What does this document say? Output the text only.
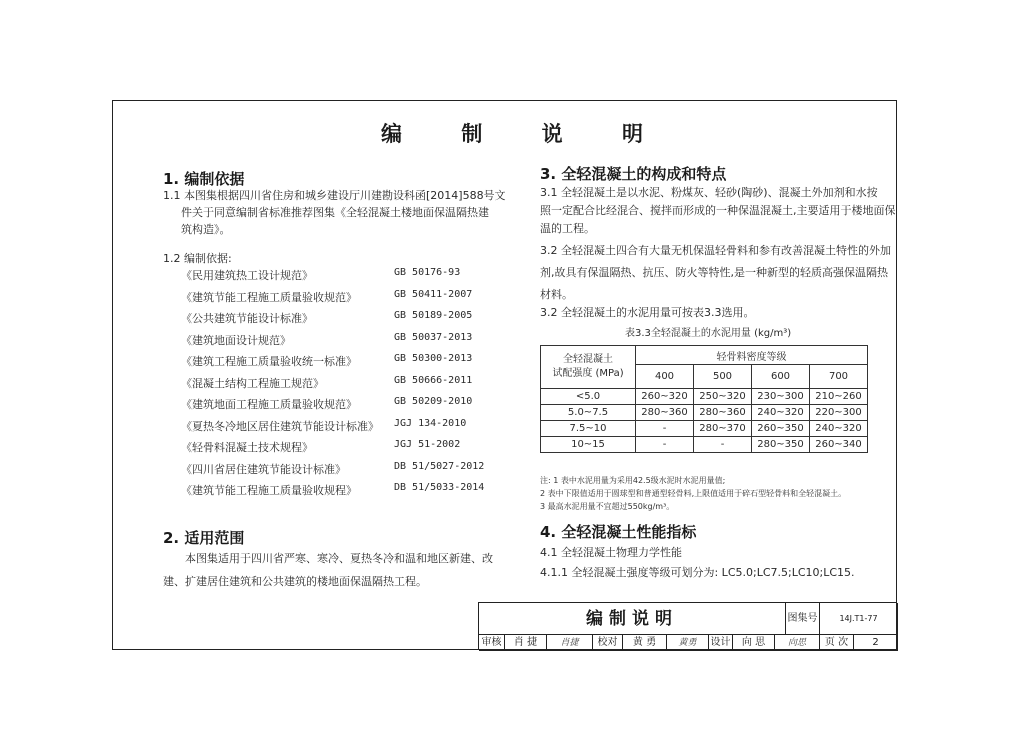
编 制 说 明
1. 编制依据
1.1 本图集根据四川省住房和城乡建设厅川建勘设科函[2014]588号文
件关于同意编制省标准推荐图集《全轻混凝土楼地面保温隔热建
筑构造》。
1.2 编制依据:
《民用建筑热工设计规范》	GB 50176-93
《建筑节能工程施工质量验收规范》	GB 50411-2007
《公共建筑节能设计标准》	GB 50189-2005
《建筑地面设计规范》	GB 50037-2013
《建筑工程施工质量验收统一标准》	GB 50300-2013
《混凝土结构工程施工规范》	GB 50666-2011
《建筑地面工程施工质量验收规范》	GB 50209-2010
《夏热冬冷地区居住建筑节能设计标准》 JGJ 134-2010
《轻骨料混凝土技术规程》	JGJ 51-2002
《四川省居住建筑节能设计标准》	DB 51/5027-2012
《建筑节能工程施工质量验收规程》	DB 51/5033-2014
2. 适用范围
本图集适用于四川省严寒、寒冷、夏热冬冷和温和地区新建、改
建、扩建居住建筑和公共建筑的楼地面保温隔热工程。
3. 全轻混凝土的构成和特点
3.1 全轻混凝土是以水泥、粉煤灰、轻砂(陶砂)、混凝土外加剂和水按
照一定配合比经混合、搅拌而形成的一种保温混凝土,主要适用于楼地面保
温的工程。
3.2 全轻混凝土四合有大量无机保温轻骨料和参有改善混凝土特性的外加
剂,故具有保温隔热、抗压、防火等特性,是一种新型的轻质高强保温隔热
材料。
3.2 全轻混凝土的水泥用量可按表3.3选用。
表3.3全轻混凝土的水泥用量 (kg/m³)
全轻混凝土
试配强度 (MPa)	轻骨料密度等级			
	400	500	600	700
<5.0	260~320	250~320	230~300	210~260
5.0~7.5	280~360	280~360	240~320	220~300
7.5~10	-	280~370	260~350	240~320
10~15	-	-	280~350	260~340
注: 1 表中水泥用量为采用42.5级水泥时水泥用量值;
2 表中下限值适用于圆球型和普通型轻骨料,上限值适用于碎石型轻骨料和全轻混凝土。
3 最高水泥用量不宜超过550kg/m³。
4. 全轻混凝土性能指标
4.1 全轻混凝土物理力学性能
4.1.1 全轻混凝土强度等级可划分为: LC5.0;LC7.5;LC10;LC15.
编制说明	图集号	14J.T1-77
审核	肖 捷	肖捷	校对	黄 勇	黄勇	设计	向 思	向思	页 次	2
